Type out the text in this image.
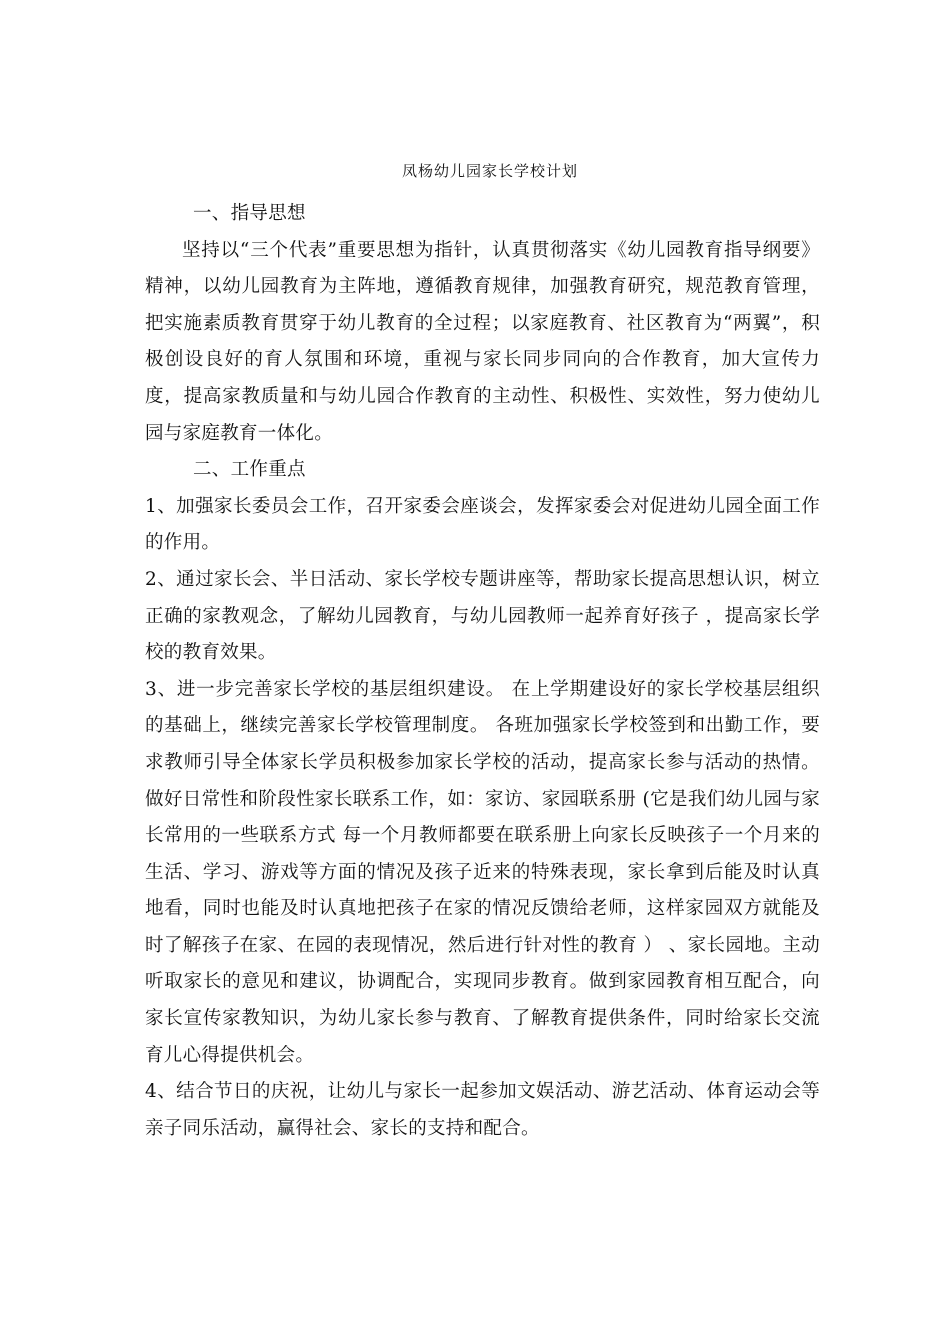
凤杨幼儿园家长学校计划

一、指导思想

坚持以“三个代表”重要思想为指针，认真贯彻落实《幼儿园教育指导纲要》精神，以幼儿园教育为主阵地，遵循教育规律，加强教育研究，规范教育管理，把实施素质教育贯穿于幼儿教育的全过程；以家庭教育、社区教育为“两翼”，积极创设良好的育人氛围和环境，重视与家长同步同向的合作教育，加大宣传力度，提高家教质量和与幼儿园合作教育的主动性、积极性、实效性，努力使幼儿园与家庭教育一体化。

二、工作重点

1、加强家长委员会工作，召开家委会座谈会，发挥家委会对促进幼儿园全面工作的作用。

2、通过家长会、半日活动、家长学校专题讲座等，帮助家长提高思想认识，树立正确的家教观念，了解幼儿园教育，与幼儿园教师一起养育好孩子 ，提高家长学校的教育效果。

3、进一步完善家长学校的基层组织建设。 在上学期建设好的家长学校基层组织的基础上，继续完善家长学校管理制度。 各班加强家长学校签到和出勤工作，要求教师引导全体家长学员积极参加家长学校的活动，提高家长参与活动的热情。做好日常性和阶段性家长联系工作，如：家访、家园联系册 (它是我们幼儿园与家长常用的一些联系方式 每一个月教师都要在联系册上向家长反映孩子一个月来的生活、学习、游戏等方面的情况及孩子近来的特殊表现，家长拿到后能及时认真地看，同时也能及时认真地把孩子在家的情况反馈给老师，这样家园双方就能及时了解孩子在家、在园的表现情况，然后进行针对性的教育 ） 、家长园地。主动听取家长的意见和建议，协调配合，实现同步教育。做到家园教育相互配合，向家长宣传家教知识，为幼儿家长参与教育、了解教育提供条件，同时给家长交流育儿心得提供机会。

4、结合节日的庆祝，让幼儿与家长一起参加文娱活动、游艺活动、体育运动会等亲子同乐活动，赢得社会、家长的支持和配合。
